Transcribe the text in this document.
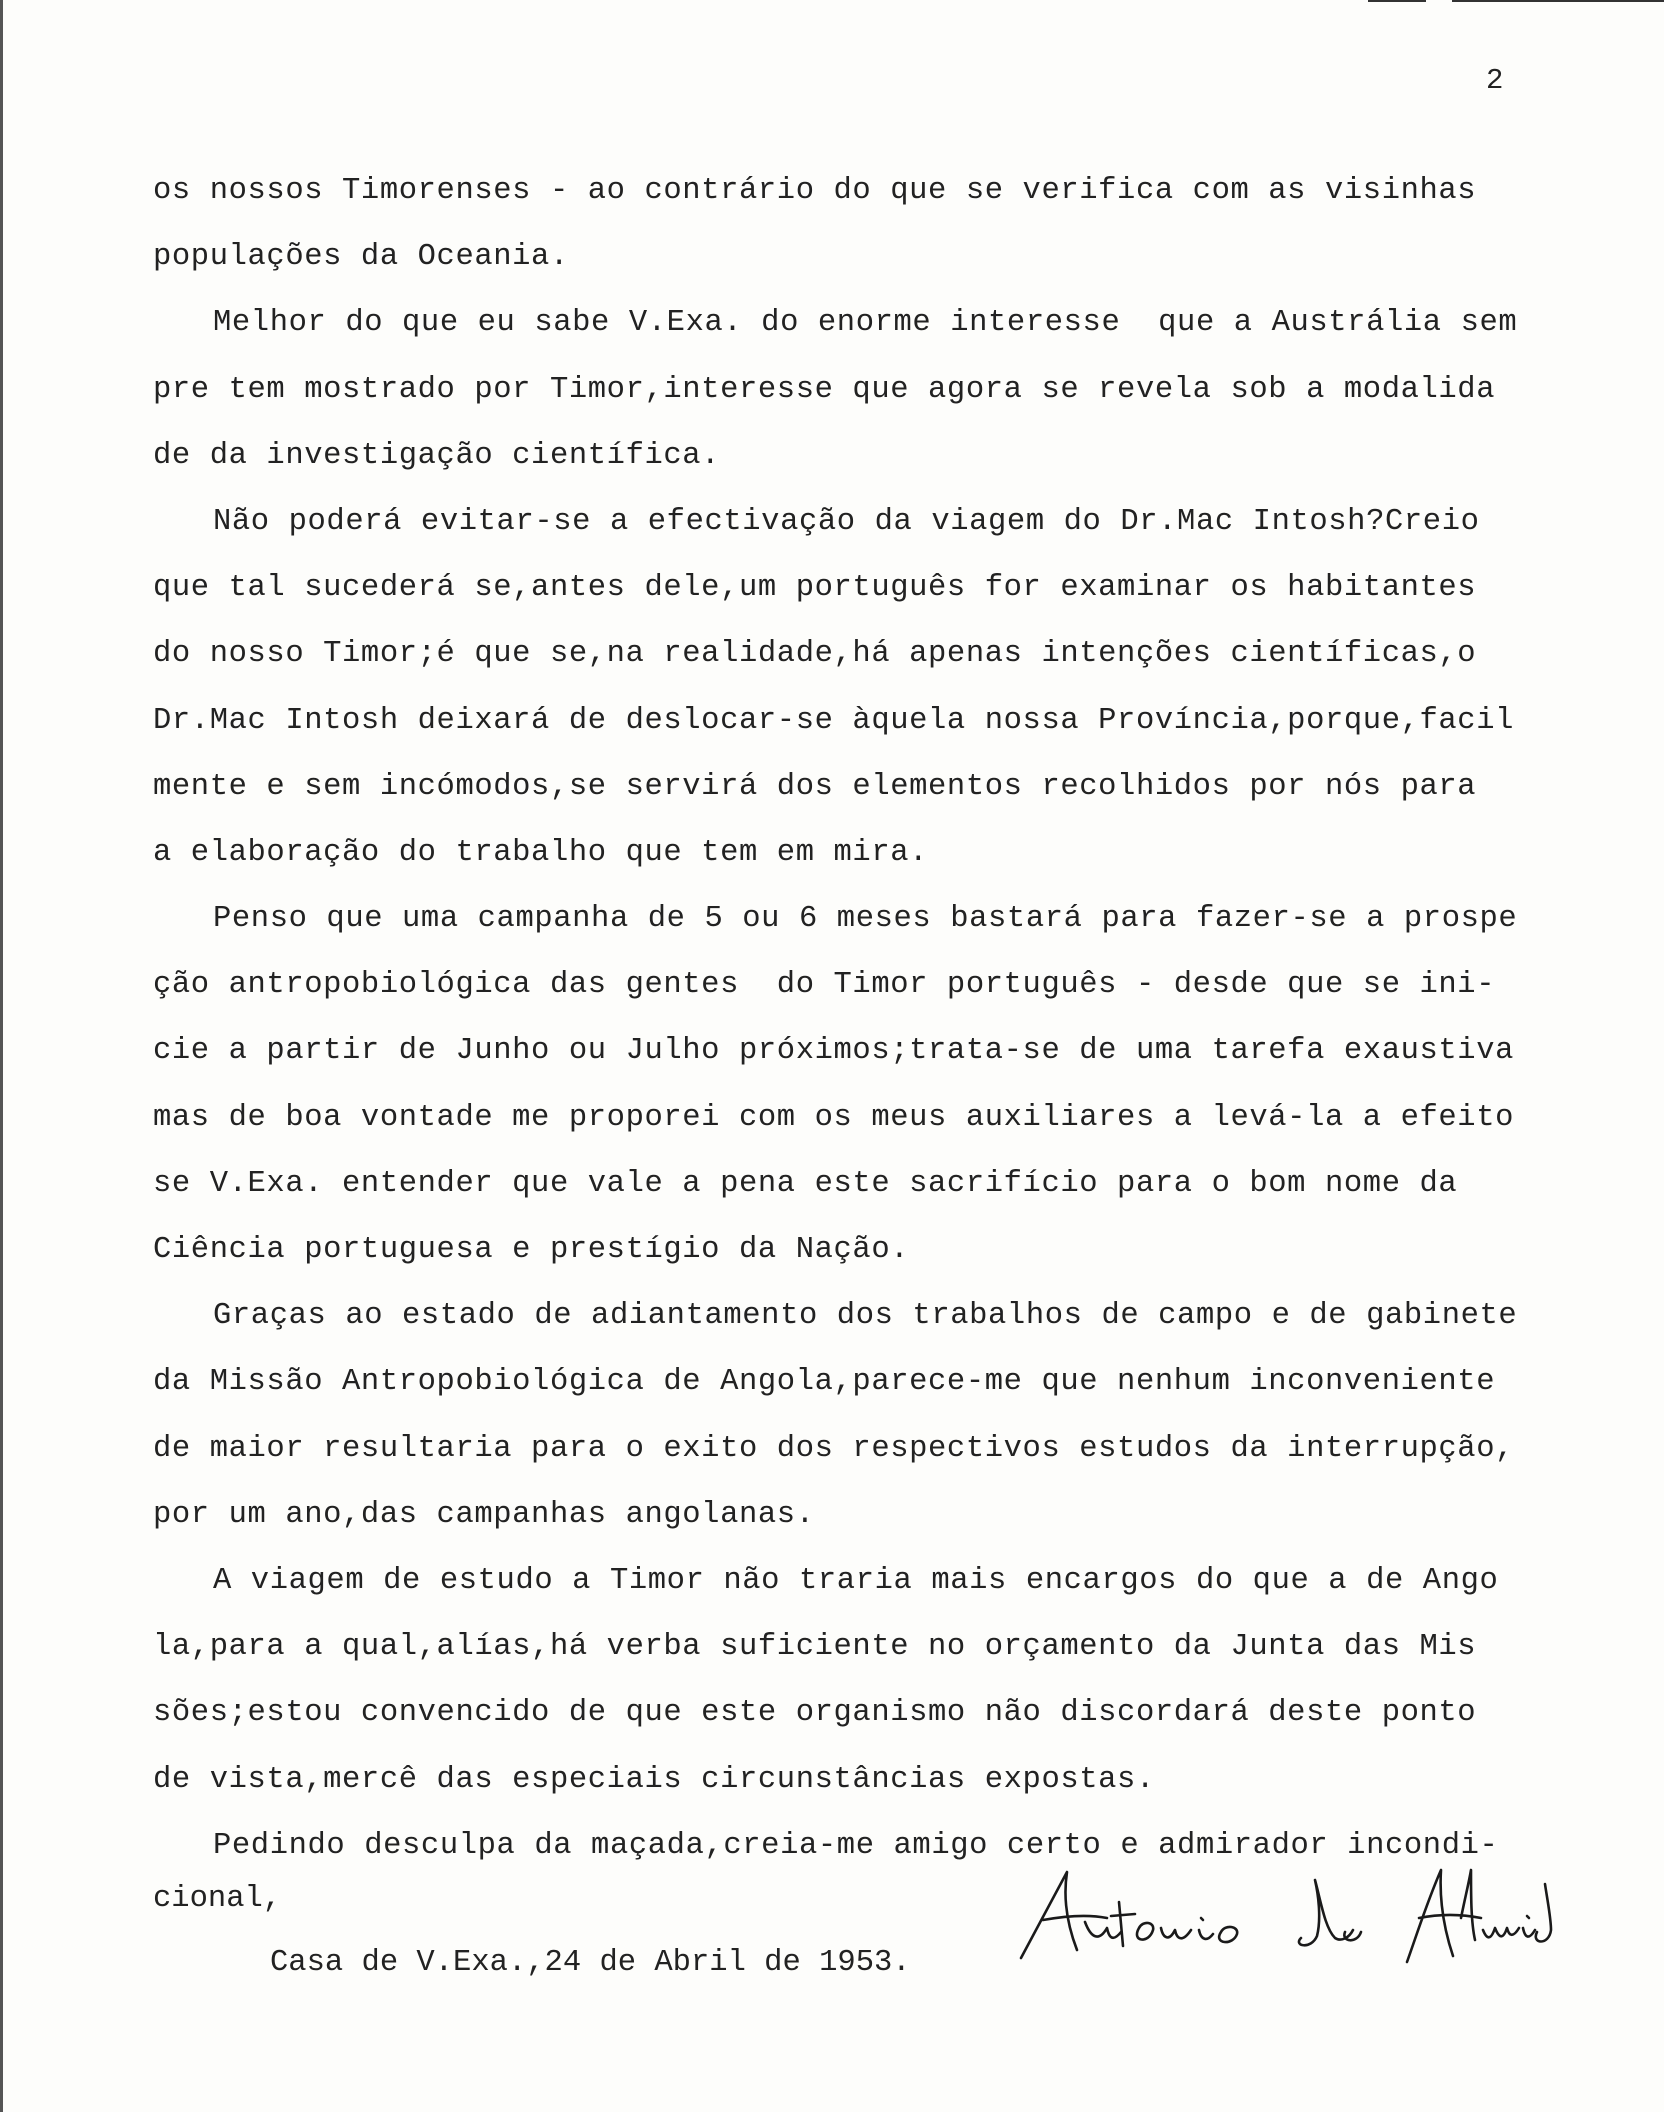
2
os nossos Timorenses - ao contrário do que se verifica com as visinhas
populações da Oceania.
Melhor do que eu sabe V.Exa. do enorme interesse  que a Austrália sem
pre tem mostrado por Timor,interesse que agora se revela sob a modalida
de da investigação científica.
Não poderá evitar-se a efectivação da viagem do Dr.Mac Intosh?Creio
que tal sucederá se,antes dele,um português for examinar os habitantes
do nosso Timor;é que se,na realidade,há apenas intenções científicas,o
Dr.Mac Intosh deixará de deslocar-se àquela nossa Província,porque,facil
mente e sem incómodos,se servirá dos elementos recolhidos por nós para
a elaboração do trabalho que tem em mira.
Penso que uma campanha de 5 ou 6 meses bastará para fazer-se a prospe
ção antropobiológica das gentes  do Timor português - desde que se ini-
cie a partir de Junho ou Julho próximos;trata-se de uma tarefa exaustiva
mas de boa vontade me proporei com os meus auxiliares a levá-la a efeito
se V.Exa. entender que vale a pena este sacrifício para o bom nome da
Ciência portuguesa e prestígio da Nação.
Graças ao estado de adiantamento dos trabalhos de campo e de gabinete
da Missão Antropobiológica de Angola,parece-me que nenhum inconveniente
de maior resultaria para o exito dos respectivos estudos da interrupção,
por um ano,das campanhas angolanas.
A viagem de estudo a Timor não traria mais encargos do que a de Ango
la,para a qual,alías,há verba suficiente no orçamento da Junta das Mis
sões;estou convencido de que este organismo não discordará deste ponto
de vista,mercê das especiais circunstâncias expostas.
Pedindo desculpa da maçada,creia-me amigo certo e admirador incondi-
cional,
Casa de V.Exa.,24 de Abril de 1953.
